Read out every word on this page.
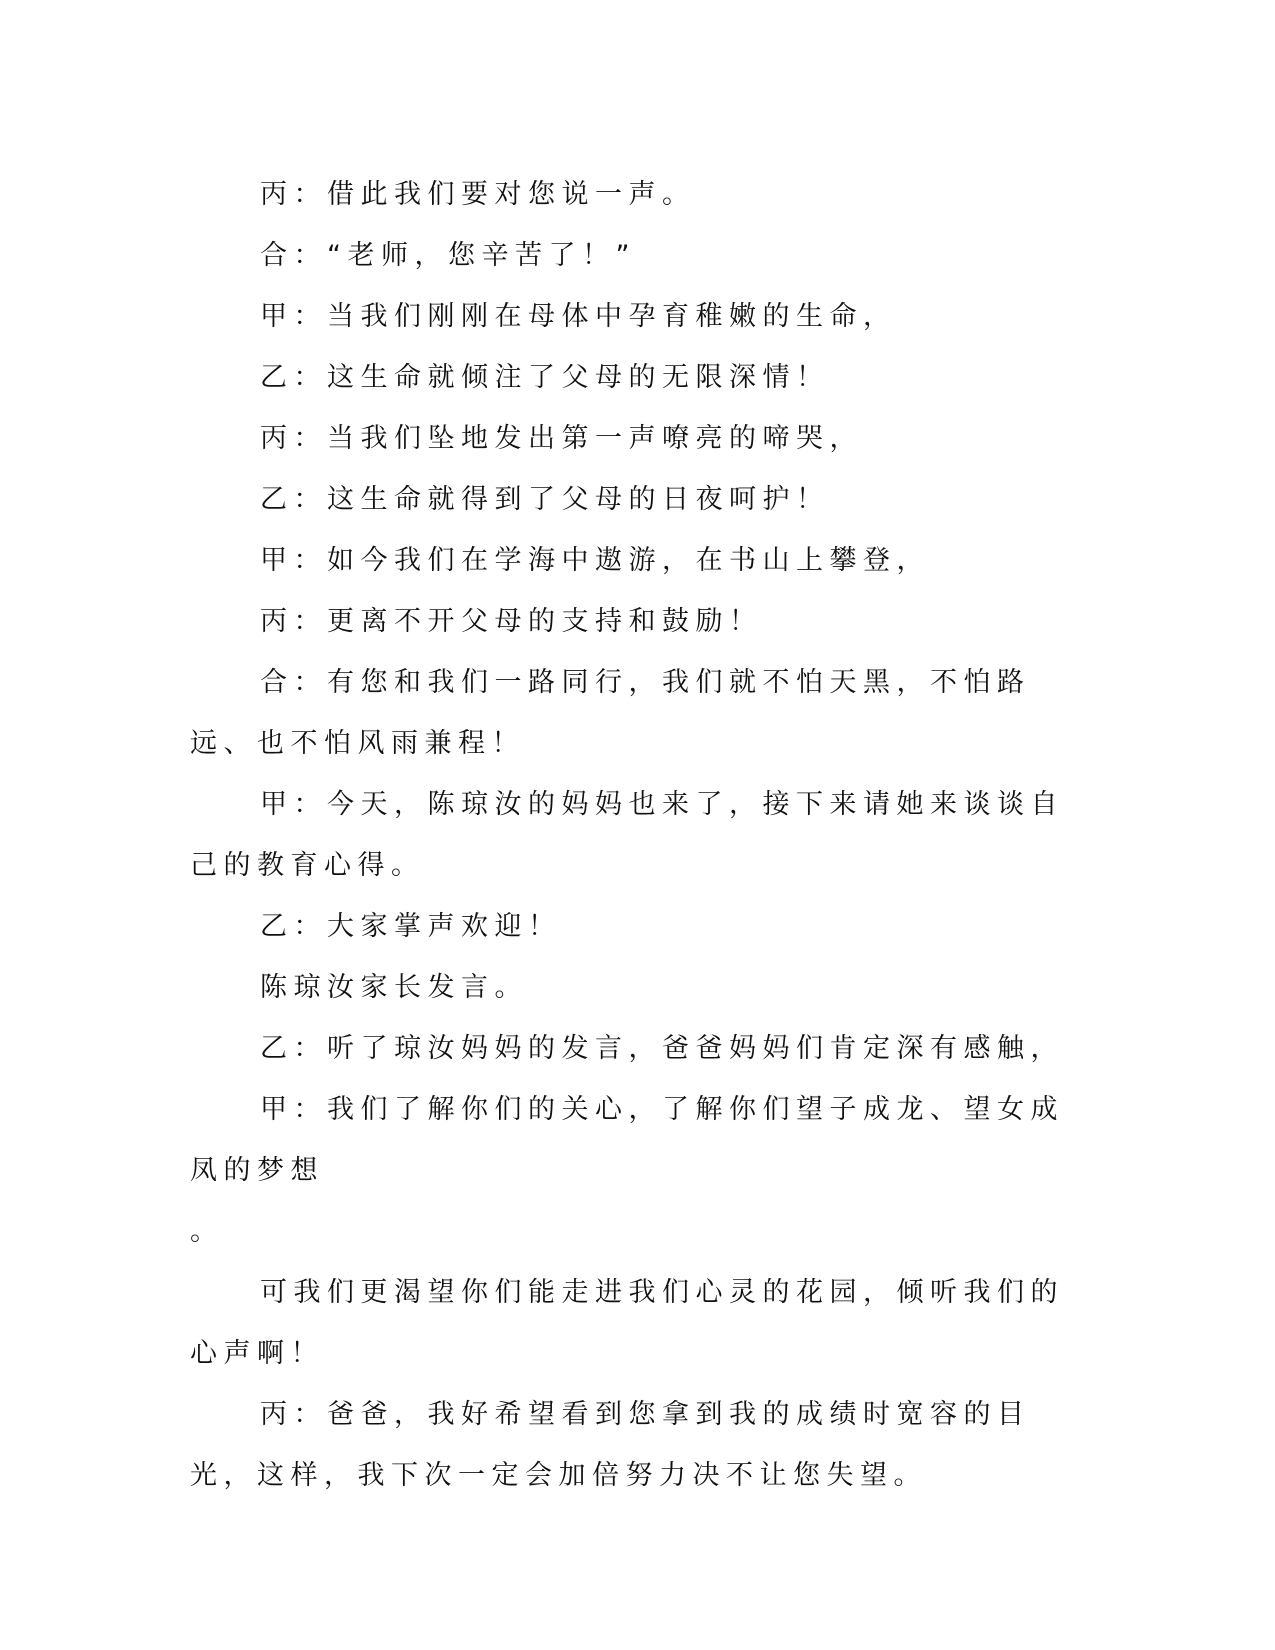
丙：借此我们要对您说一声。

合：“老师，您辛苦了！”

甲：当我们刚刚在母体中孕育稚嫩的生命，

乙：这生命就倾注了父母的无限深情！

丙：当我们坠地发出第一声嘹亮的啼哭，

乙：这生命就得到了父母的日夜呵护！

甲：如今我们在学海中遨游，在书山上攀登，

丙：更离不开父母的支持和鼓励！

合：有您和我们一路同行，我们就不怕天黑，不怕路远、也不怕风雨兼程！

甲：今天，陈琼汝的妈妈也来了，接下来请她来谈谈自己的教育心得。

乙：大家掌声欢迎！

陈琼汝家长发言。

乙：听了琼汝妈妈的发言，爸爸妈妈们肯定深有感触，

甲：我们了解你们的关心，了解你们望子成龙、望女成凤的梦想

。

可我们更渴望你们能走进我们心灵的花园，倾听我们的心声啊！

丙：爸爸，我好希望看到您拿到我的成绩时宽容的目光，这样，我下次一定会加倍努力决不让您失望。
